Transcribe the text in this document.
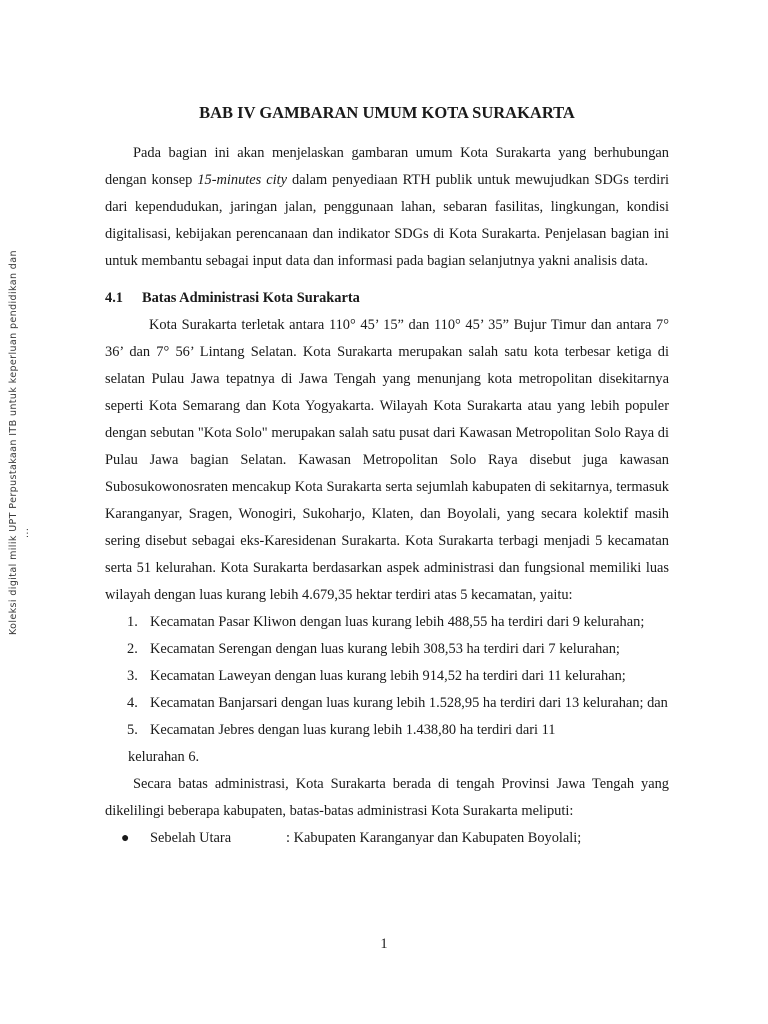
Koleksi digital milik UPT Perpustakaan ITB untuk keperluan pendidikan dan ...
BAB IV GAMBARAN UMUM KOTA SURAKARTA

Pada bagian ini akan menjelaskan gambaran umum Kota Surakarta yang berhubungan dengan konsep 15-minutes city dalam penyediaan RTH publik untuk mewujudkan SDGs terdiri dari kependudukan, jaringan jalan, penggunaan lahan, sebaran fasilitas, lingkungan, kondisi digitalisasi, kebijakan perencanaan dan indikator SDGs di Kota Surakarta. Penjelasan bagian ini untuk membantu sebagai input data dan informasi pada bagian selanjutnya yakni analisis data.

4.1 Batas Administrasi Kota Surakarta

Kota Surakarta terletak antara 110° 45’ 15” dan 110° 45’ 35” Bujur Timur dan antara 7° 36’ dan 7° 56’ Lintang Selatan. Kota Surakarta merupakan salah satu kota terbesar ketiga di selatan Pulau Jawa tepatnya di Jawa Tengah yang menunjang kota metropolitan disekitarnya seperti Kota Semarang dan Kota Yogyakarta. Wilayah Kota Surakarta atau yang lebih populer dengan sebutan "Kota Solo" merupakan salah satu pusat dari Kawasan Metropolitan Solo Raya di Pulau Jawa bagian Selatan. Kawasan Metropolitan Solo Raya disebut juga kawasan Subosukowonosraten mencakup Kota Surakarta serta sejumlah kabupaten di sekitarnya, termasuk Karanganyar, Sragen, Wonogiri, Sukoharjo, Klaten, dan Boyolali, yang secara kolektif masih sering disebut sebagai eks-Karesidenan Surakarta. Kota Surakarta terbagi menjadi 5 kecamatan serta 51 kelurahan. Kota Surakarta berdasarkan aspek administrasi dan fungsional memiliki luas wilayah dengan luas kurang lebih 4.679,35 hektar terdiri atas 5 kecamatan, yaitu:

1. Kecamatan Pasar Kliwon dengan luas kurang lebih 488,55 ha terdiri dari 9 kelurahan;
2. Kecamatan Serengan dengan luas kurang lebih 308,53 ha terdiri dari 7 kelurahan;
3. Kecamatan Laweyan dengan luas kurang lebih 914,52 ha terdiri dari 11 kelurahan;
4. Kecamatan Banjarsari dengan luas kurang lebih 1.528,95 ha terdiri dari 13 kelurahan; dan
5. Kecamatan Jebres dengan luas kurang lebih 1.438,80 ha terdiri dari 11
kelurahan 6.

Secara batas administrasi, Kota Surakarta berada di tengah Provinsi Jawa Tengah yang dikelilingi beberapa kabupaten, batas-batas administrasi Kota Surakarta meliputi:

● Sebelah Utara	: Kabupaten Karanganyar dan Kabupaten Boyolali;
1
